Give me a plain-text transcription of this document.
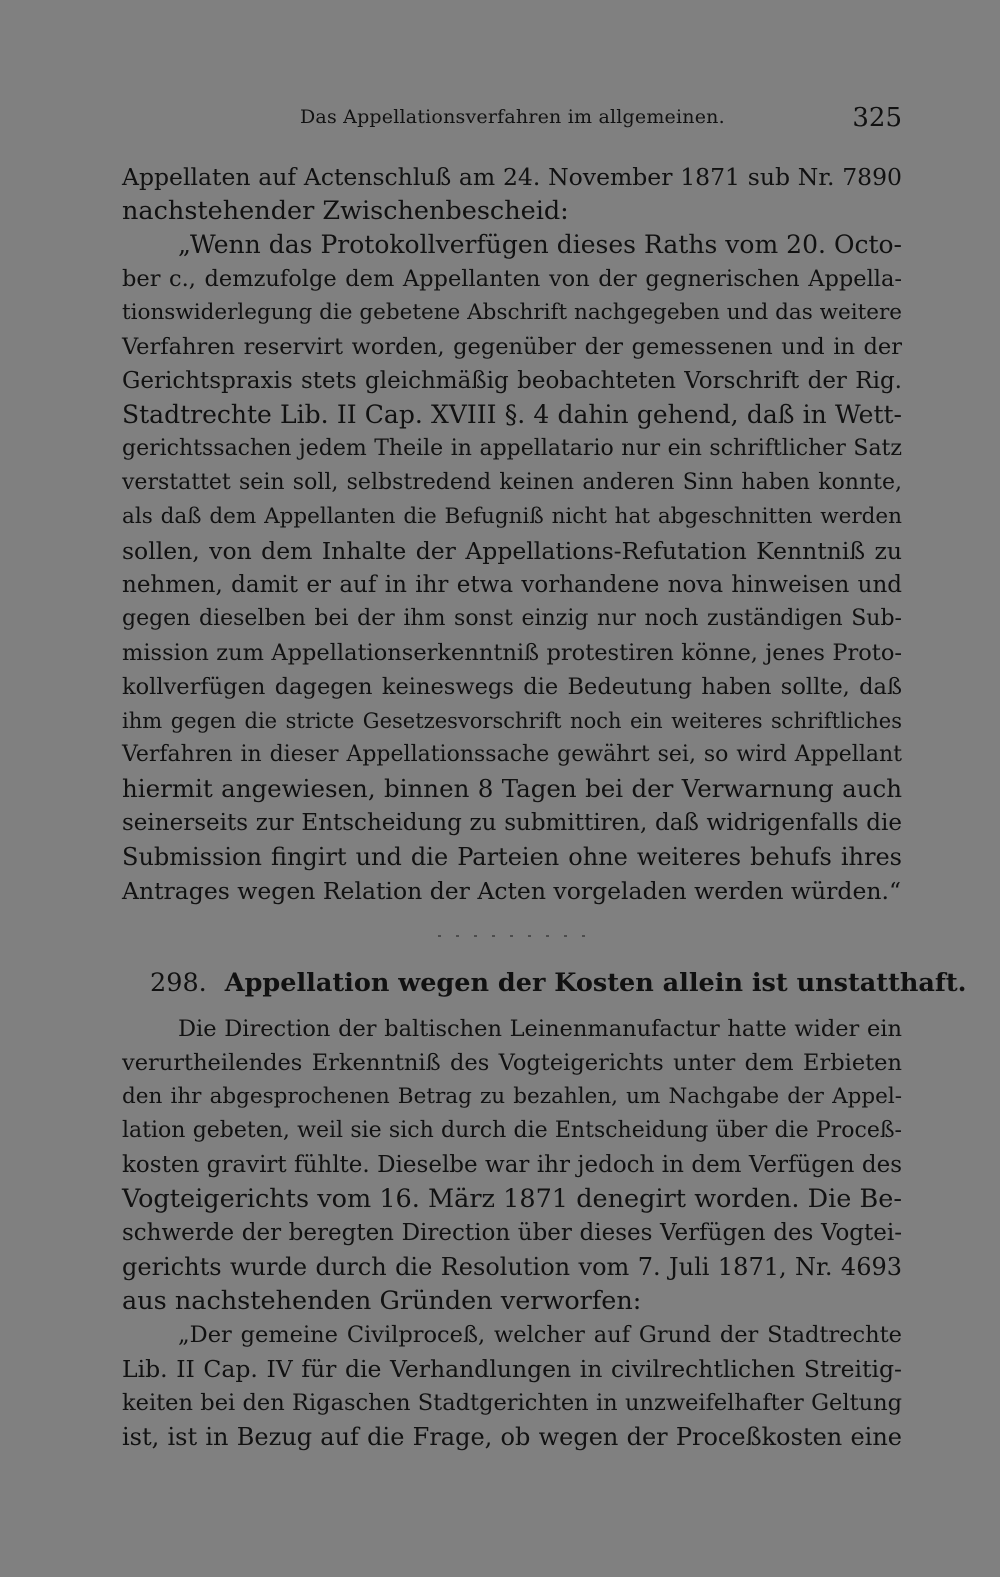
Das Appellationsverfahren im allgemeinen.	325
Appellaten auf Actenschluß am 24. November 1871 sub Nr. 7890
nachstehender Zwischenbescheid:
„Wenn das Protokollverfügen dieses Raths vom 20. Octo-
ber c., demzufolge dem Appellanten von der gegnerischen Appella-
tionswiderlegung die gebetene Abschrift nachgegeben und das weitere
Verfahren reservirt worden, gegenüber der gemessenen und in der
Gerichtspraxis stets gleichmäßig beobachteten Vorschrift der Rig.
Stadtrechte Lib. II Cap. XVIII §. 4 dahin gehend, daß in Wett-
gerichtssachen jedem Theile in appellatario nur ein schriftlicher Satz
verstattet sein soll, selbstredend keinen anderen Sinn haben konnte,
als daß dem Appellanten die Befugniß nicht hat abgeschnitten werden
sollen, von dem Inhalte der Appellations-Refutation Kenntniß zu
nehmen, damit er auf in ihr etwa vorhandene nova hinweisen und
gegen dieselben bei der ihm sonst einzig nur noch zuständigen Sub-
mission zum Appellationserkenntniß protestiren könne, jenes Proto-
kollverfügen dagegen keineswegs die Bedeutung haben sollte, daß
ihm gegen die stricte Gesetzesvorschrift noch ein weiteres schriftliches
Verfahren in dieser Appellationssache gewährt sei, so wird Appellant
hiermit angewiesen, binnen 8 Tagen bei der Verwarnung auch
seinerseits zur Entscheidung zu submittiren, daß widrigenfalls die
Submission fingirt und die Parteien ohne weiteres behufs ihres
Antrages wegen Relation der Acten vorgeladen werden würden.“
298. Appellation wegen der Kosten allein ist unstatthaft.
Die Direction der baltischen Leinenmanufactur hatte wider ein
verurtheilendes Erkenntniß des Vogteigerichts unter dem Erbieten
den ihr abgesprochenen Betrag zu bezahlen, um Nachgabe der Appel-
lation gebeten, weil sie sich durch die Entscheidung über die Proceß-
kosten gravirt fühlte. Dieselbe war ihr jedoch in dem Verfügen des
Vogteigerichts vom 16. März 1871 denegirt worden. Die Be-
schwerde der beregten Direction über dieses Verfügen des Vogtei-
gerichts wurde durch die Resolution vom 7. Juli 1871, Nr. 4693
aus nachstehenden Gründen verworfen:
„Der gemeine Civilproceß, welcher auf Grund der Stadtrechte
Lib. II Cap. IV für die Verhandlungen in civilrechtlichen Streitig-
keiten bei den Rigaschen Stadtgerichten in unzweifelhafter Geltung
ist, ist in Bezug auf die Frage, ob wegen der Proceßkosten eine
